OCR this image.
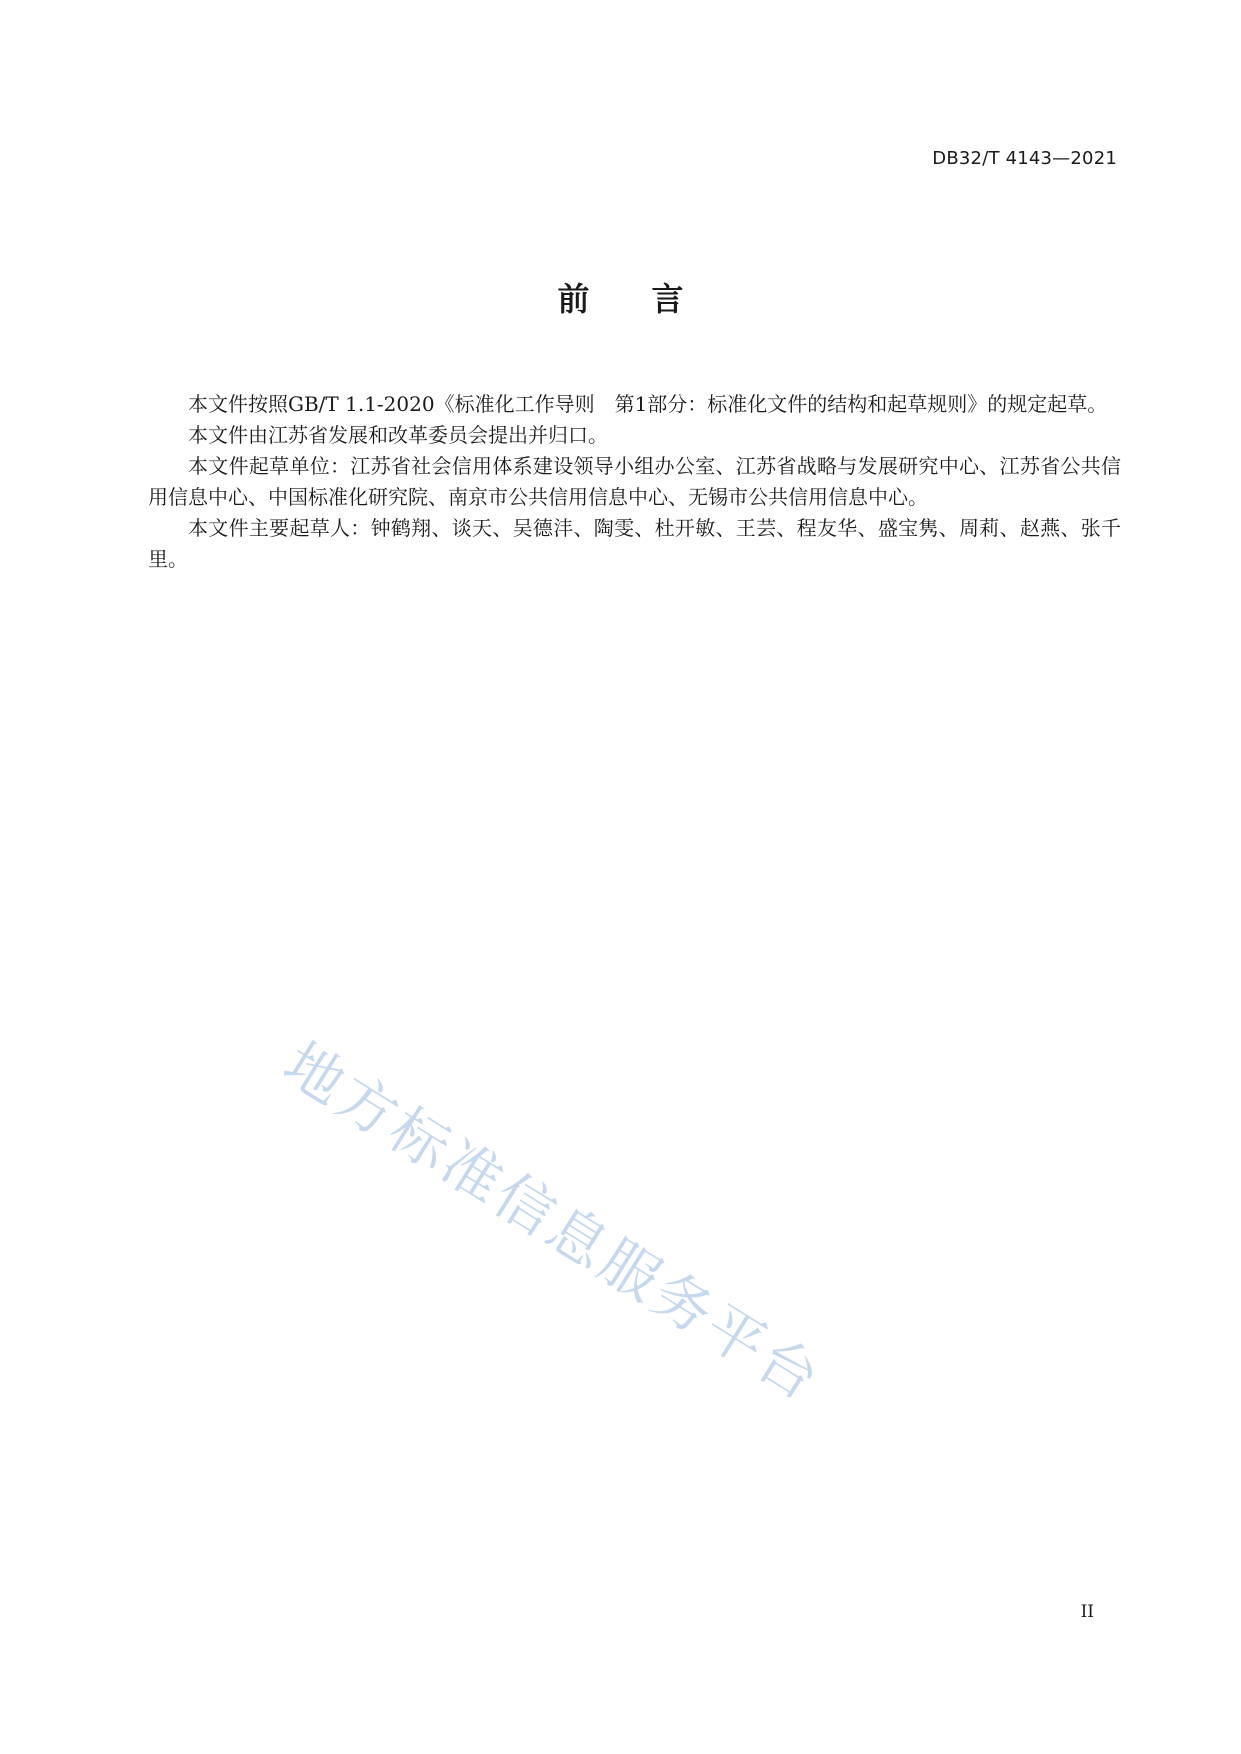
DB32/T 4143—2021
前 言

本文件按照GB/T 1.1-2020《标准化工作导则　第1部分：标准化文件的结构和起草规则》的规定起草。

本文件由江苏省发展和改革委员会提出并归口。

本文件起草单位：江苏省社会信用体系建设领导小组办公室、江苏省战略与发展研究中心、江苏省公共信用信息中心、中国标准化研究院、南京市公共信用信息中心、无锡市公共信用信息中心。

本文件主要起草人：钟鹤翔、谈天、吴德沣、陶雯、杜开敏、王芸、程友华、盛宝隽、周莉、赵燕、张千里。

地方标准信息服务平台
II
